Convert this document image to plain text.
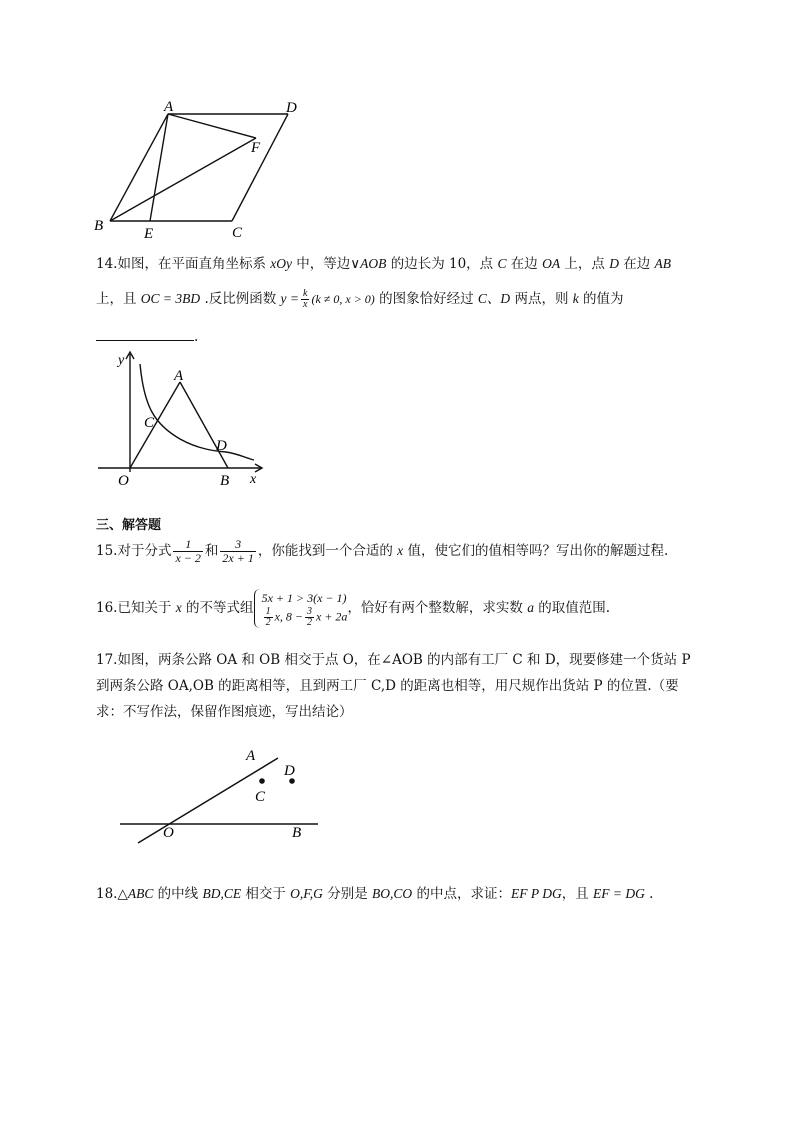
A	D
F
B	E	C
14.如图，在平面直角坐标系 xOy 中，等边∨AOB 的边长为 10，点 C 在边 OA 上，点 D 在边 AB
上，且 OC = 3BD .反比例函数 $y = \frac{k}{x} (k \ne 0$, x > 0) 的图象恰好经过 C、D 两点，则 k 的值为
.
y
A
C
D
O	B x
三、解答题
15.对于分式 $\frac{1}{x - 2}$ 和 $\frac{3}{2x + 1}$ ，你能找到一个合适的 x 值，使它们的值相等吗？写出你的解题过程.
16.已知关于 x 的不等式组
5x + 1 > 3(x − 1)
$\frac{1}{2} x$, $8 - \frac{3}{2}$ x + 2a
，恰好有两个整数解，求实数 a 的取值范围.
17.如图，两条公路 OA 和 OB 相交于点 O，在∠AOB 的内部有工厂 C 和 D，现要修建一个货站 P
到两条公路 OA,OB 的距离相等，且到两工厂 C,D 的距离也相等，用尺规作出货站 P 的位置.（要
求：不写作法，保留作图痕迹，写出结论）
A
D
C
O	B
18.△ABC 的中线 BD,CE 相交于 O,F,G 分别是 BO,CO 的中点，求证：EF P DG，且 EF = DG .
